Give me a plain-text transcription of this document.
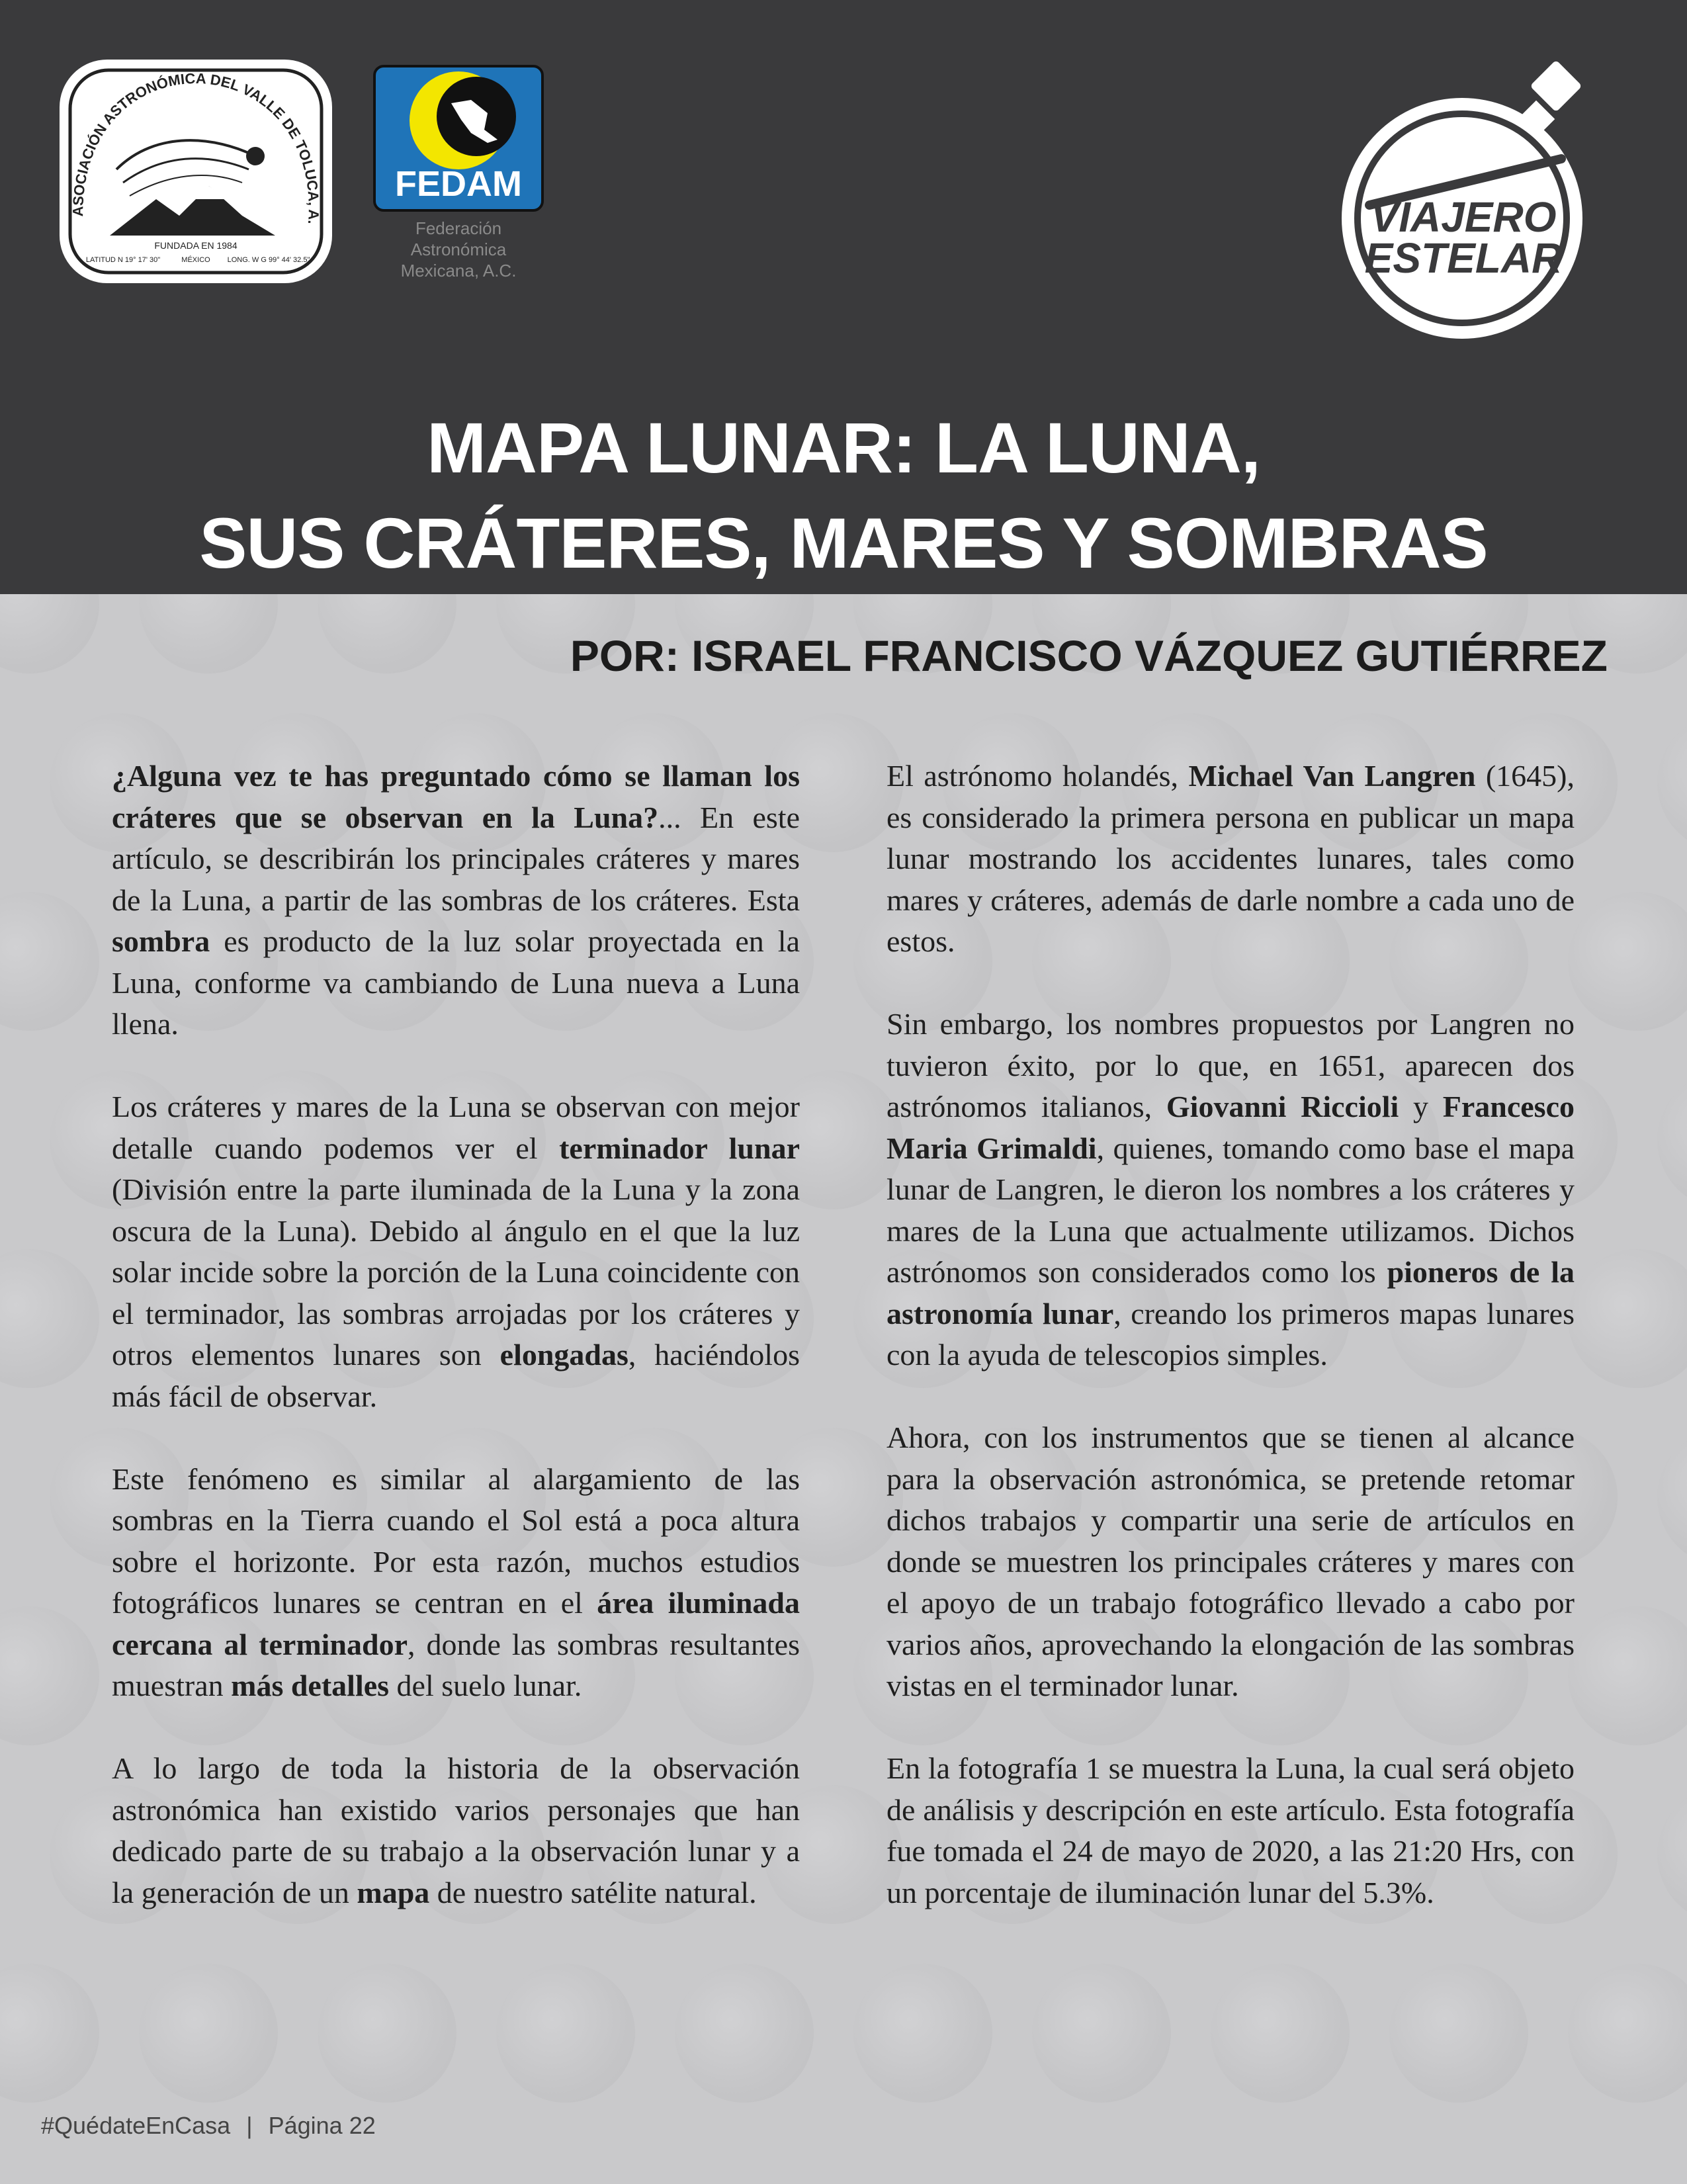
ASOCIACIÓN ASTRONÓMICA DEL VALLE DE TOLUCA, A.
FUNDADA EN 1984
LATITUD N 19° 17' 30"	MÉXICO LONG. W G 99° 44' 32.5"
FEDAM
Federación
Astronómica
Mexicana, A.C.
VIAJERO
ESTELAR
MAPA LUNAR: LA LUNA,
SUS CRÁTERES, MARES Y SOMBRAS
POR: ISRAEL FRANCISCO VÁZQUEZ GUTIÉRREZ

¿Alguna vez te has preguntado cómo se llaman los cráteres que se observan en la Luna?... En este artículo, se describirán los principales cráteres y mares de la Luna, a partir de las sombras de los cráteres. Esta sombra es producto de la luz solar proyectada en la Luna, conforme va cambiando de Luna nueva a Luna llena.

Los cráteres y mares de la Luna se observan con mejor detalle cuando podemos ver el terminador lunar (División entre la parte iluminada de la Luna y la zona oscura de la Luna). Debido al ángulo en el que la luz solar incide sobre la porción de la Luna coincidente con el terminador, las sombras arrojadas por los cráteres y otros elementos lunares son elongadas, haciéndolos más fácil de observar.

Este fenómeno es similar al alargamiento de las sombras en la Tierra cuando el Sol está a poca altura sobre el horizonte. Por esta razón, muchos estudios fotográficos lunares se centran en el área iluminada cercana al terminador, donde las sombras resultantes muestran más detalles del suelo lunar.

A lo largo de toda la historia de la observación astronómica han existido varios personajes que han dedicado parte de su trabajo a la observación lunar y a la generación de un mapa de nuestro satélite natural.

El astrónomo holandés, Michael Van Langren (1645), es considerado la primera persona en publicar un mapa lunar mostrando los accidentes lunares, tales como mares y cráteres, además de darle nombre a cada uno de estos.

Sin embargo, los nombres propuestos por Langren no tuvieron éxito, por lo que, en 1651, aparecen dos astrónomos italianos, Giovanni Riccioli y Francesco Maria Grimaldi, quienes, tomando como base el mapa lunar de Langren, le dieron los nombres a los cráteres y mares de la Luna que actualmente utilizamos. Dichos astrónomos son considerados como los pioneros de la astronomía lunar, creando los primeros mapas lunares con la ayuda de telescopios simples.

Ahora, con los instrumentos que se tienen al alcance para la observación astronómica, se pretende retomar dichos trabajos y compartir una serie de artículos en donde se muestren los principales cráteres y mares con el apoyo de un trabajo fotográfico llevado a cabo por varios años, aprovechando la elongación de las sombras vistas en el terminador lunar.

En la fotografía 1 se muestra la Luna, la cual será objeto de análisis y descripción en este artículo. Esta fotografía fue tomada el 24 de mayo de 2020, a las 21:20 Hrs, con un porcentaje de iluminación lunar del 5.3%.

#QuédateEnCasa | Página 22
